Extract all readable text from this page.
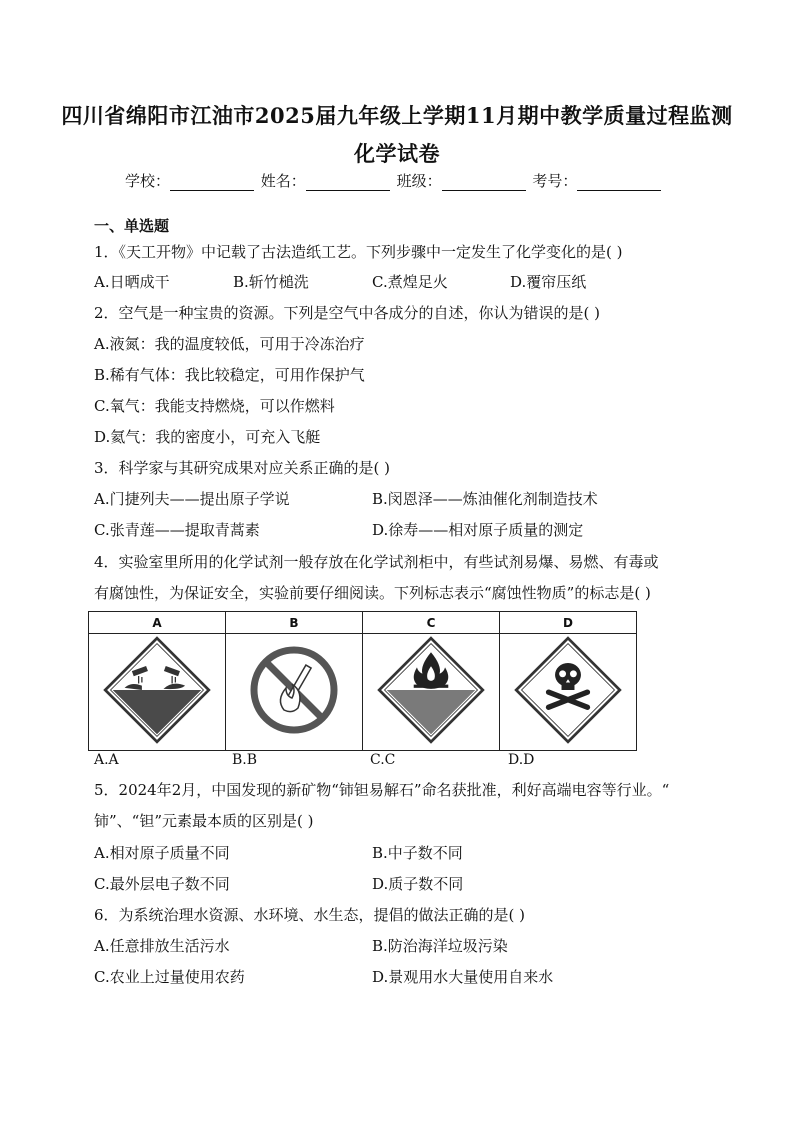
四川省绵阳市江油市2025届九年级上学期11月期中教学质量过程监测
化学试卷
学校：	姓名：	班级：	考号：
一、单选题
1．《天工开物》中记载了古法造纸工艺。下列步骤中一定发生了化学变化的是( )
A.日晒成干	B.斩竹槌洗	C.煮煌足火	D.覆帘压纸
2．空气是一种宝贵的资源。下列是空气中各成分的自述，你认为错误的是( )
A.液氮：我的温度较低，可用于冷冻治疗
B.稀有气体：我比较稳定，可用作保护气
C.氧气：我能支持燃烧，可以作燃料
D.氦气：我的密度小，可充入飞艇
3．科学家与其研究成果对应关系正确的是( )
A.门捷列夫——提出原子学说	B.闵恩泽——炼油催化剂制造技术
C.张青莲——提取青蒿素	D.徐寿——相对原子质量的测定
4．实验室里所用的化学试剂一般存放在化学试剂柜中，有些试剂易爆、易燃、有毒或
有腐蚀性，为保证安全，实验前要仔细阅读。下列标志表示“腐蚀性物质”的标志是( )
A	B	C	D

A.A	B.B	C.C	D.D
5．2024年2月，中国发现的新矿物“铈钽易解石”命名获批准，利好高端电容等行业。“
铈”、“钽”元素最本质的区别是( )
A.相对原子质量不同	B.中子数不同
C.最外层电子数不同	D.质子数不同
6．为系统治理水资源、水环境、水生态，提倡的做法正确的是( )
A.任意排放生活污水	B.防治海洋垃圾污染
C.农业上过量使用农药	D.景观用水大量使用自来水
